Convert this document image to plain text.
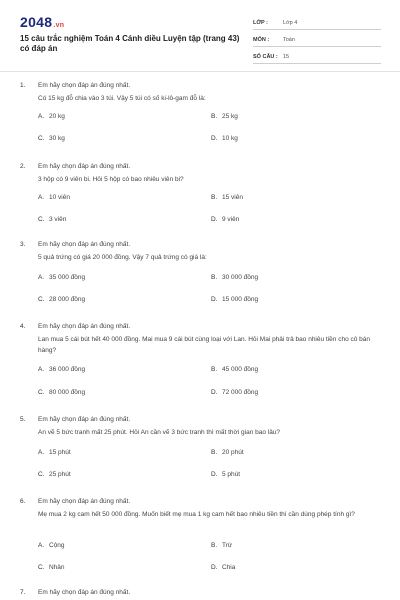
2048.vn
15 câu trắc nghiệm Toán 4 Cánh diều Luyện tập (trang 43) có đáp án
LỚP :	Lớp 4
MÔN :	Toán
SỐ CÂU : 15
1. Em hãy chọn đáp án đúng nhất.
Có 15 kg đỗ chia vào 3 túi. Vậy 5 túi có số ki-lô-gam đỗ là:
A. 20 kg	B. 25 kg
C. 30 kg	D. 10 kg
2. Em hãy chọn đáp án đúng nhất.
3 hộp có 9 viên bi. Hỏi 5 hộp có bao nhiêu viên bi?
A. 10 viên	B. 15 viên
C. 3 viên	D. 9 viên
3. Em hãy chọn đáp án đúng nhất.
5 quả trứng có giá 20 000 đồng. Vậy 7 quả trứng có giá là:
A. 35 000 đồng	B. 30 000 đồng
C. 28 000 đồng	D. 15 000 đồng
4. Em hãy chọn đáp án đúng nhất.
Lan mua 5 cái bút hết 40 000 đồng. Mai mua 9 cái bút cùng loại với Lan. Hỏi Mai phải trả bao nhiêu tiền cho cô bán hàng?
A. 36 000 đồng	B. 45 000 đồng
C. 80 000 đồng	D. 72 000 đồng
5. Em hãy chọn đáp án đúng nhất.
An vẽ 5 bức tranh mất 25 phút. Hỏi An cần vẽ 3 bức tranh thì mất thời gian bao lâu?
A. 15 phút	B. 20 phút
C. 25 phút	D. 5 phút
6. Em hãy chọn đáp án đúng nhất.
Mẹ mua 2 kg cam hết 50 000 đồng. Muốn biết mẹ mua 1 kg cam hết bao nhiêu tiền thì cần dùng phép tính gì?
A. Cộng	B. Trừ
C. Nhân	D. Chia
7. Em hãy chọn đáp án đúng nhất.
